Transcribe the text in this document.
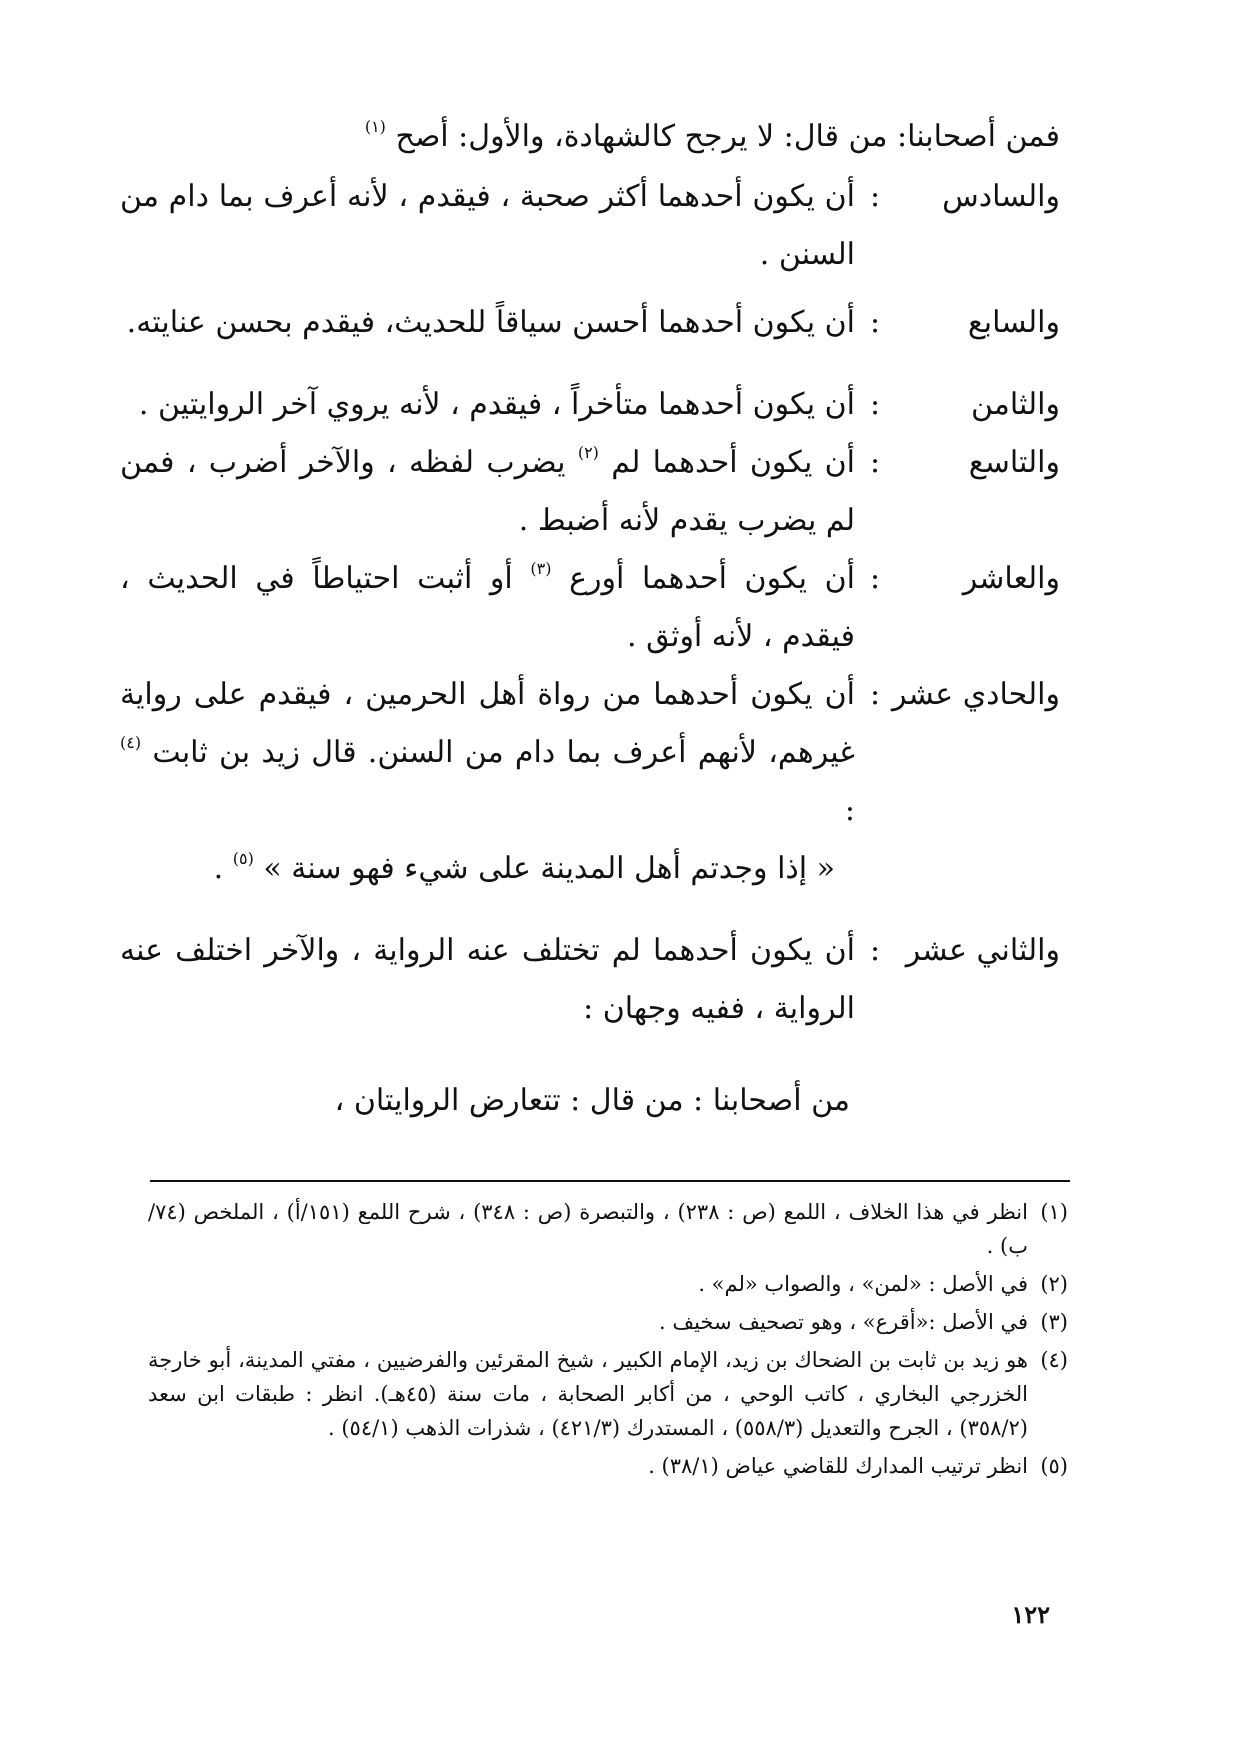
فمن أصحابنا: من قال: لا يرجح كالشهادة، والأول: أصح $^{(١)}$
والسادس
:
أن يكون أحدهما أكثر صحبة ، فيقدم ، لأنه أعرف بما دام من السنن .
والسابع
:
أن يكون أحدهما أحسن سياقاً للحديث، فيقدم بحسن عنايته.
والثامن
:
أن يكون أحدهما متأخراً ، فيقدم ، لأنه يروي آخر الروايتين .
والتاسع
:
أن يكون أحدهما لم $^{(٢)}$ يضرب لفظه ، والآخر أضرب ، فمن لم يضرب يقدم لأنه أضبط .
والعاشر
:
أن يكون أحدهما أورع $^{(٣)}$ أو أثبت احتياطاً في الحديث ، فيقدم ، لأنه أوثق .
والحادي عشر
:
أن يكون أحدهما من رواة أهل الحرمين ، فيقدم على رواية غيرهم، لأنهم أعرف بما دام من السنن. قال زيد بن ثابت $^{(٤)}$ :
« إذا وجدتم أهل المدينة على شيء فهو سنة » $^{(٥)}$ .
والثاني عشر
:
أن يكون أحدهما لم تختلف عنه الرواية ، والآخر اختلف عنه الرواية ، ففيه وجهان :
من أصحابنا : من قال : تتعارض الروايتان ،
(١)
انظر في هذا الخلاف ، اللمع (ص : ٢٣٨) ، والتبصرة (ص : ٣٤٨) ، شرح اللمع (١٥١/أ) ، الملخص (٧٤/ب) .
(٢)
في الأصل : «لمن» ، والصواب «لم» .
(٣)
في الأصل :«أقرع» ، وهو تصحيف سخيف .
(٤)
هو زيد بن ثابت بن الضحاك بن زيد، الإمام الكبير ، شيخ المقرئين والفرضيين ، مفتي المدينة، أبو خارجة الخزرجي البخاري ، كاتب الوحي ، من أكابر الصحابة ، مات سنة (٤٥هـ). انظر : طبقات ابن سعد (٣٥٨/٢) ، الجرح والتعديل (٥٥٨/٣) ، المستدرك (٤٢١/٣) ، شذرات الذهب (٥٤/١) .
(٥)
انظر ترتيب المدارك للقاضي عياض (٣٨/١) .
١٢٢
